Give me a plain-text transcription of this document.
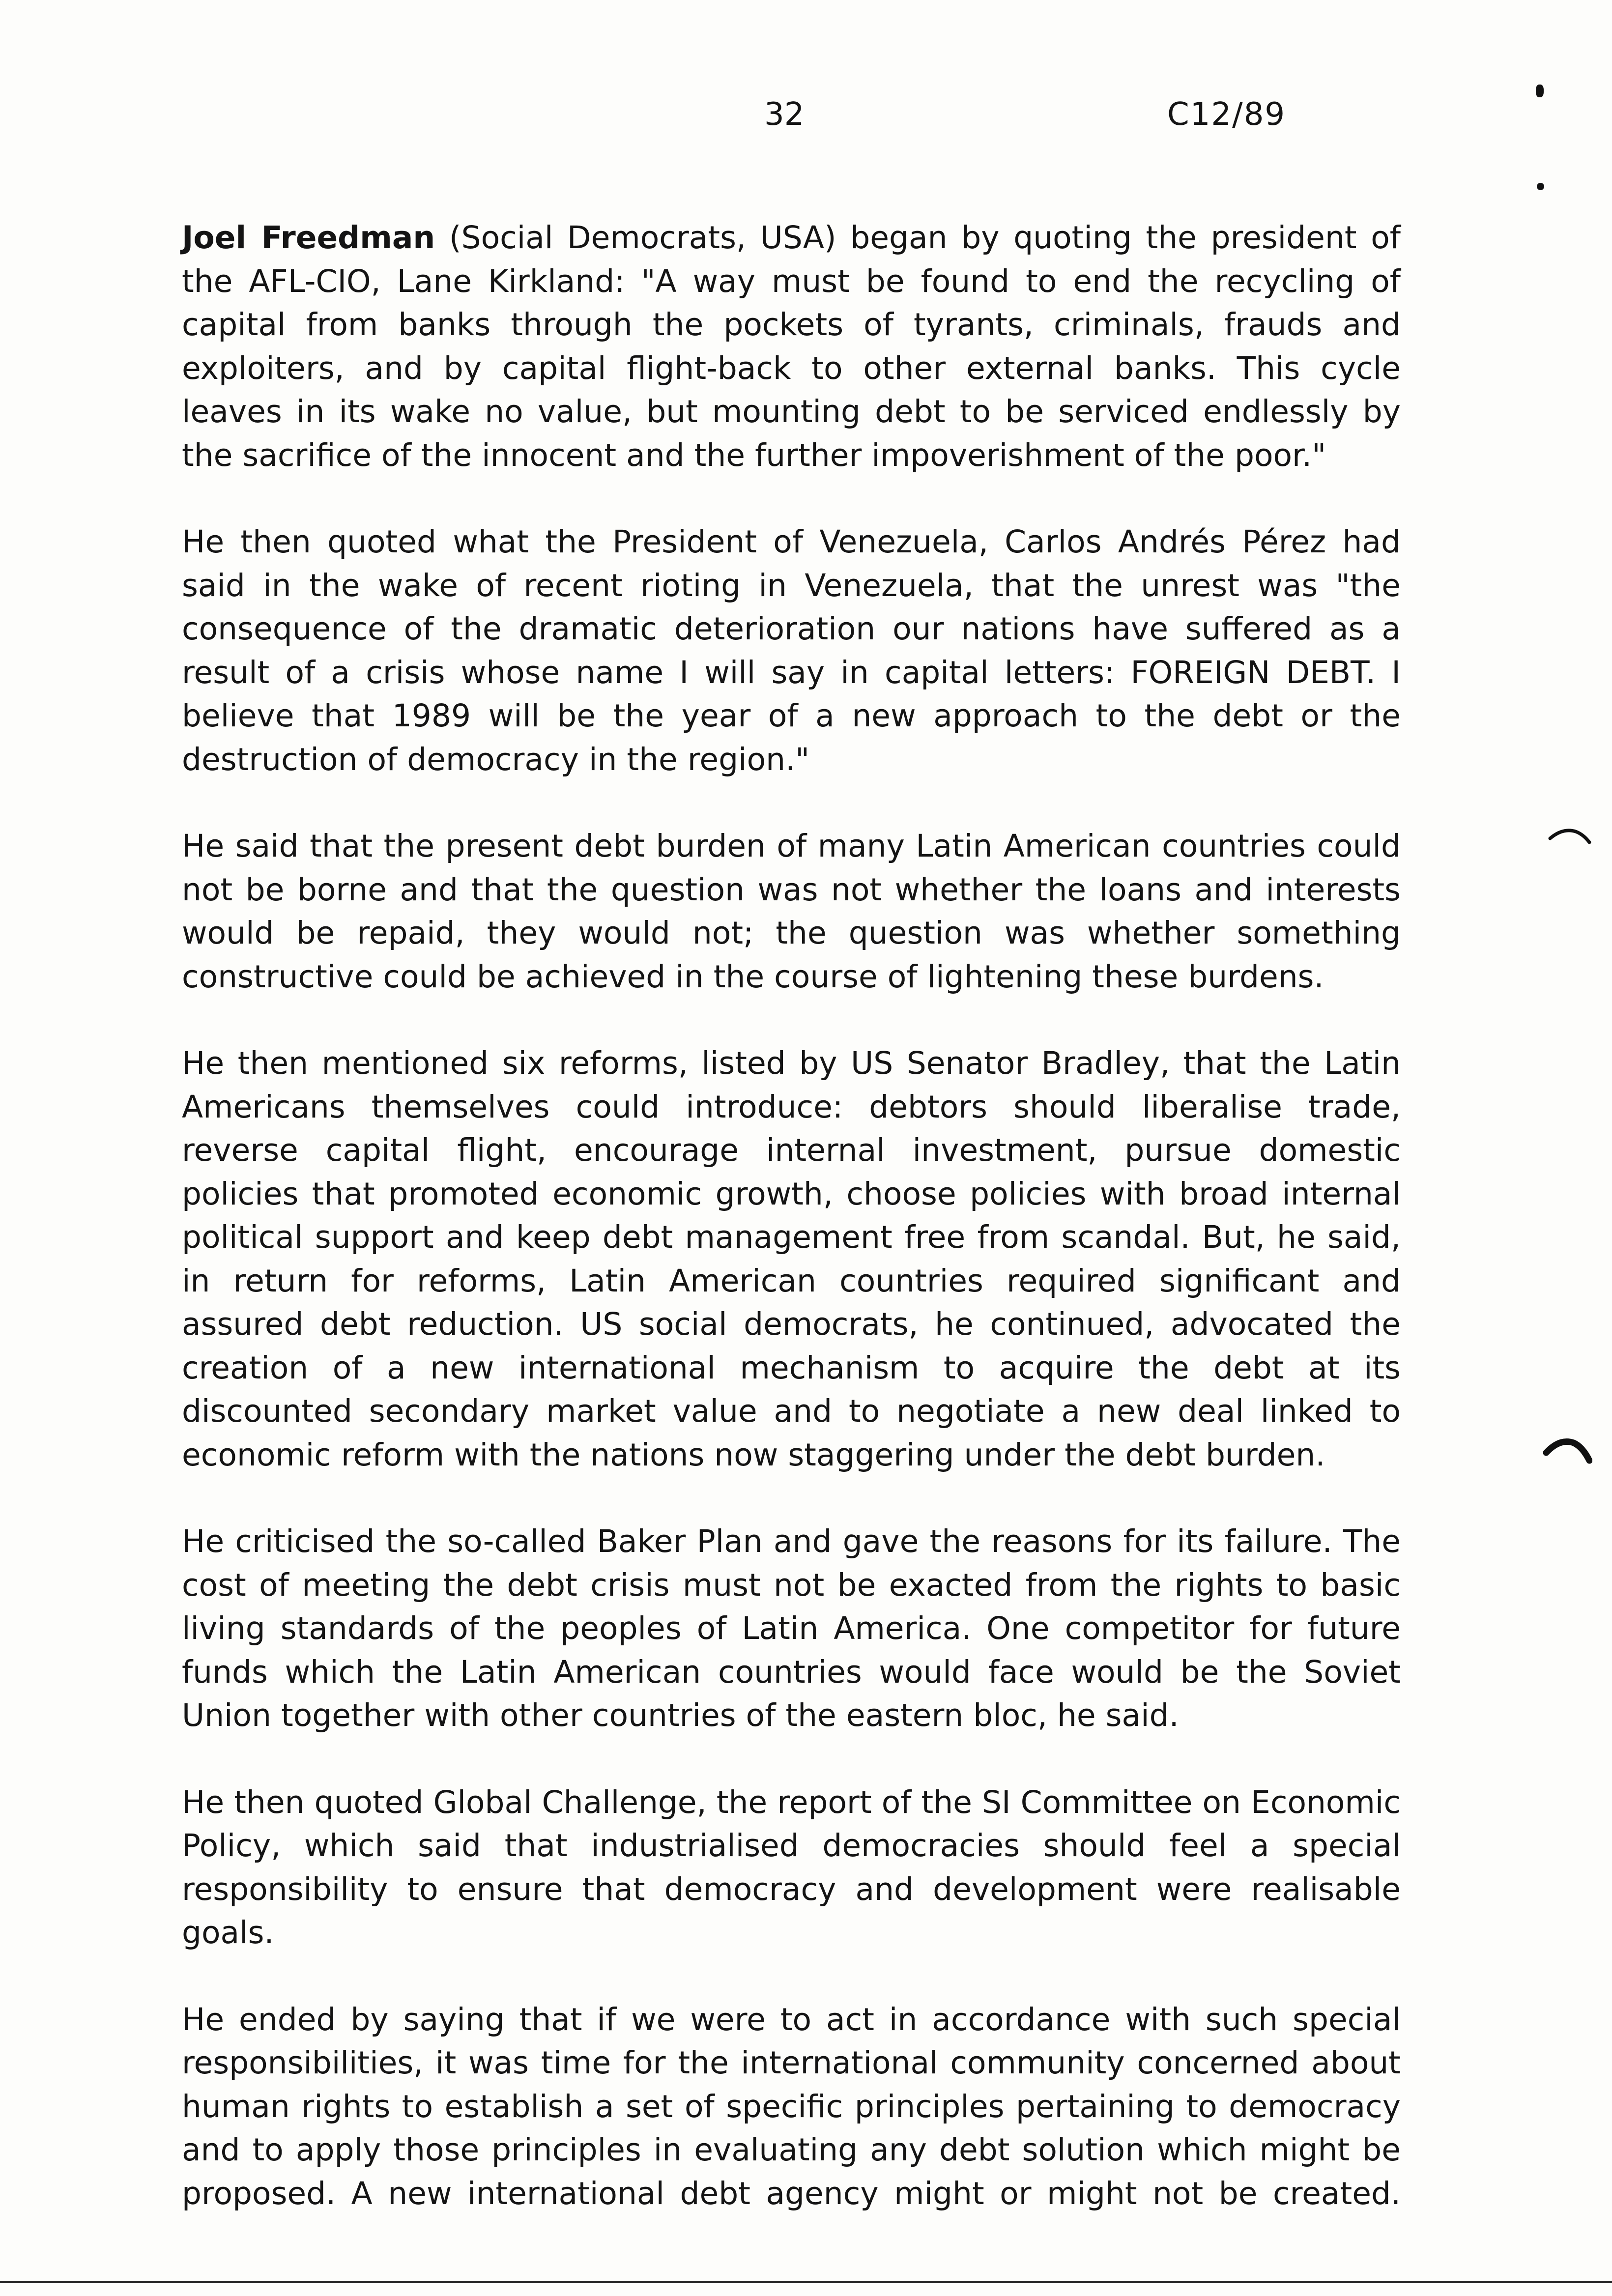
32	C12/89

Joel Freedman (Social Democrats, USA) began by quoting the president of the AFL-CIO, Lane Kirkland: "A way must be found to end the recycling of capital from banks through the pockets of tyrants, criminals, frauds and exploiters, and by capital flight-back to other external banks. This cycle leaves in its wake no value, but mounting debt to be serviced endlessly by the sacrifice of the innocent and the further impoverishment of the poor."

He then quoted what the President of Venezuela, Carlos Andrés Pérez had said in the wake of recent rioting in Venezuela, that the unrest was "the consequence of the dramatic deterioration our nations have suffered as a result of a crisis whose name I will say in capital letters: FOREIGN DEBT. I believe that 1989 will be the year of a new approach to the debt or the destruction of democracy in the region."

He said that the present debt burden of many Latin American countries could not be borne and that the question was not whether the loans and interests would be repaid, they would not; the question was whether something constructive could be achieved in the course of lightening these burdens.

He then mentioned six reforms, listed by US Senator Bradley, that the Latin Americans themselves could introduce: debtors should liberalise trade, reverse capital flight, encourage internal investment, pursue domestic policies that promoted economic growth, choose policies with broad internal political support and keep debt management free from scandal. But, he said, in return for reforms, Latin American countries required significant and assured debt reduction. US social democrats, he continued, advocated the creation of a new international mechanism to acquire the debt at its discounted secondary market value and to negotiate a new deal linked to economic reform with the nations now staggering under the debt burden.

He criticised the so-called Baker Plan and gave the reasons for its failure. The cost of meeting the debt crisis must not be exacted from the rights to basic living standards of the peoples of Latin America. One competitor for future funds which the Latin American countries would face would be the Soviet Union together with other countries of the eastern bloc, he said.

He then quoted Global Challenge, the report of the SI Committee on Economic Policy, which said that industrialised democracies should feel a special responsibility to ensure that democracy and development were realisable goals.

He ended by saying that if we were to act in accordance with such special responsibilities, it was time for the international community concerned about human rights to establish a set of specific principles pertaining to democracy and to apply those principles in evaluating any debt solution which might be proposed. A new international debt agency might or might not be created.
